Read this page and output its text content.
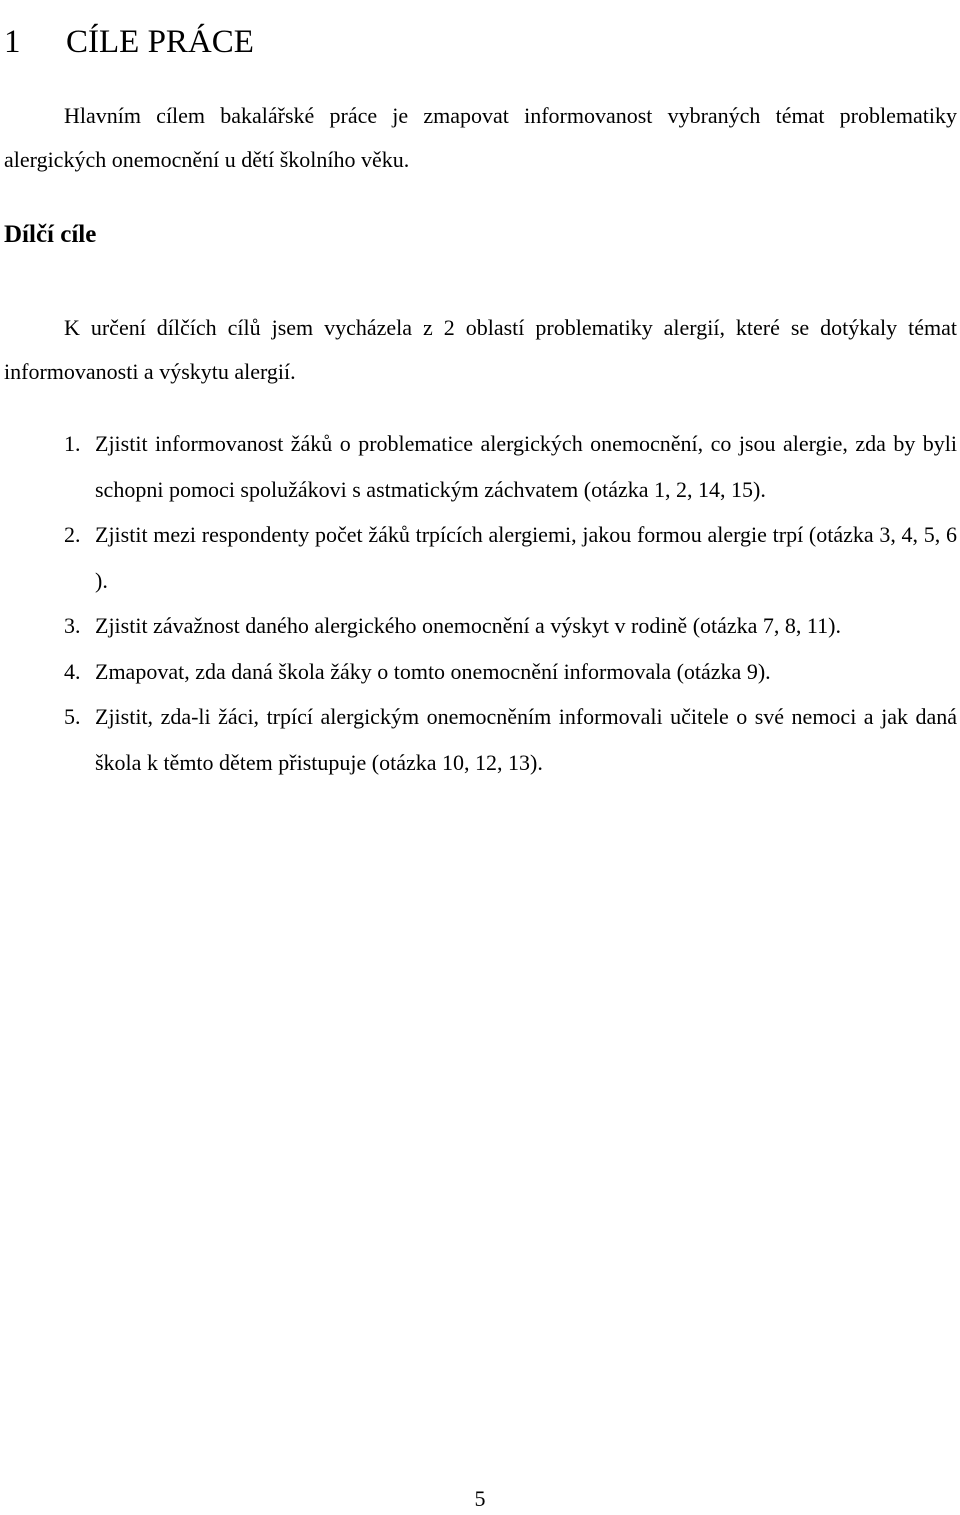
1 CÍLE PRÁCE

Hlavním cílem bakalářské práce je zmapovat informovanost vybraných témat problematiky alergických onemocnění u dětí školního věku.

Dílčí cíle

K určení dílčích cílů jsem vycházela z 2 oblastí problematiky alergií, které se dotýkaly témat informovanosti a výskytu alergií.

1. Zjistit informovanost žáků o problematice alergických onemocnění, co jsou alergie, zda by byli schopni pomoci spolužákovi s astmatickým záchvatem (otázka 1, 2, 14, 15).
2. Zjistit mezi respondenty počet žáků trpících alergiemi, jakou formou alergie trpí (otázka 3, 4, 5, 6 ).
3. Zjistit závažnost daného alergického onemocnění a výskyt v rodině (otázka 7, 8, 11).
4. Zmapovat, zda daná škola žáky o tomto onemocnění informovala (otázka 9).
5. Zjistit, zda-li žáci, trpící alergickým onemocněním informovali učitele o své nemoci a jak daná škola k těmto dětem přistupuje (otázka 10, 12, 13).
5
